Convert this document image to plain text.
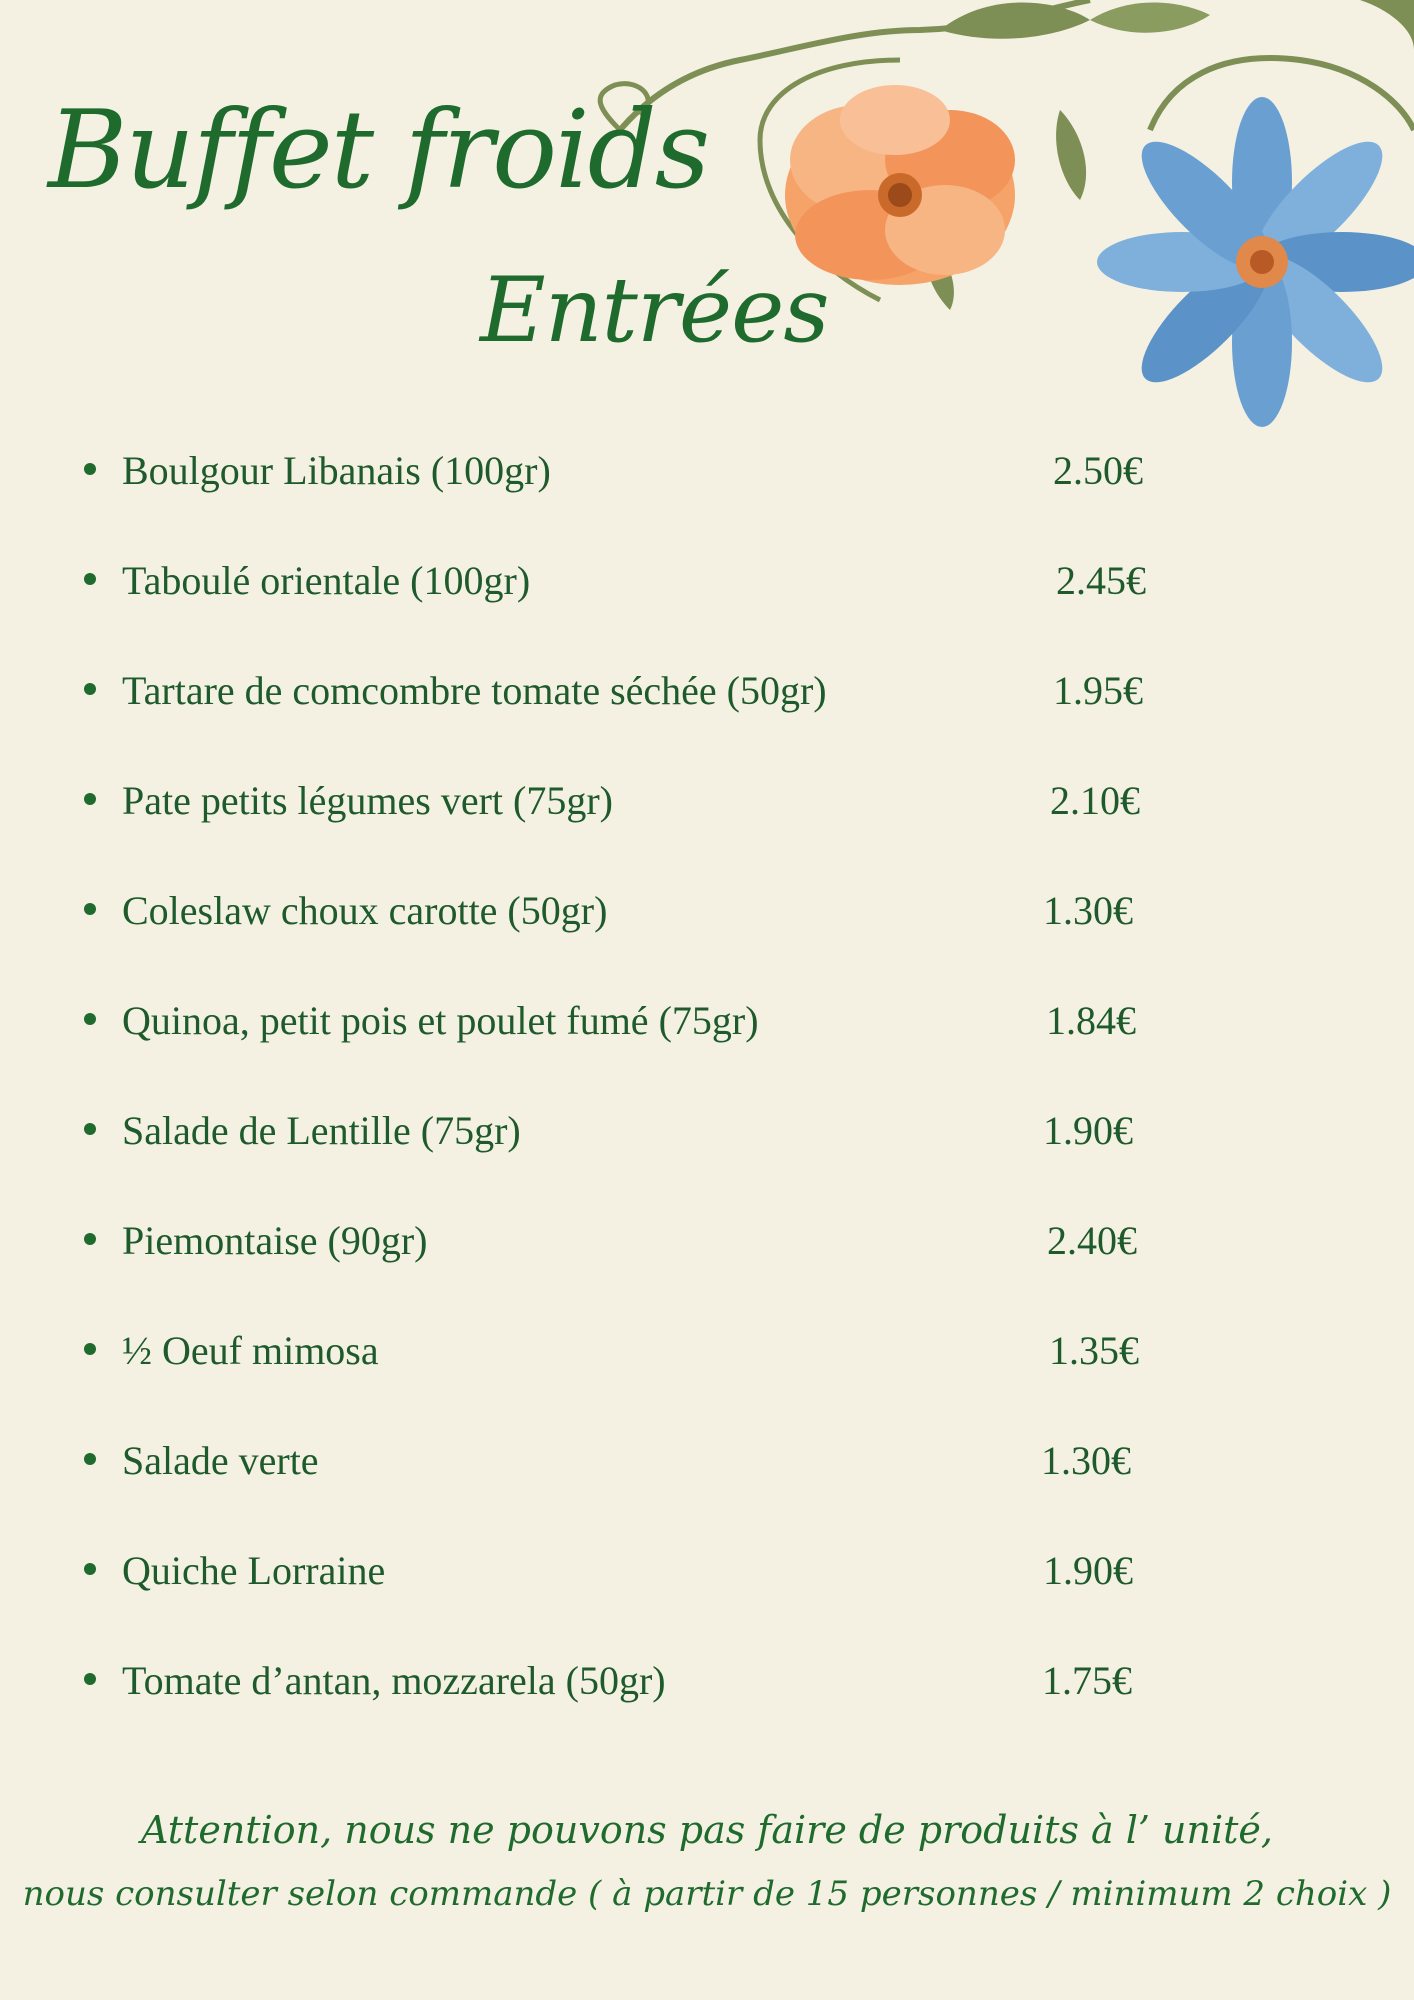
Buffet froids
Entrées
Boulgour Libanais (100gr)	2.50€
Taboulé orientale (100gr)	2.45€
Tartare de comcombre tomate séchée (50gr)	1.95€
Pate petits légumes vert (75gr)	2.10€
Coleslaw choux carotte (50gr)	1.30€
Quinoa, petit pois et poulet fumé (75gr)	1.84€
Salade de Lentille (75gr)	1.90€
Piemontaise (90gr)	2.40€
½ Oeuf mimosa	1.35€
Salade verte	1.30€
Quiche Lorraine	1.90€
Tomate d’antan, mozzarela (50gr)	1.75€

Attention, nous ne pouvons pas faire de produits à l’ unité,

nous consulter selon commande ( à partir de 15 personnes / minimum 2 choix )
